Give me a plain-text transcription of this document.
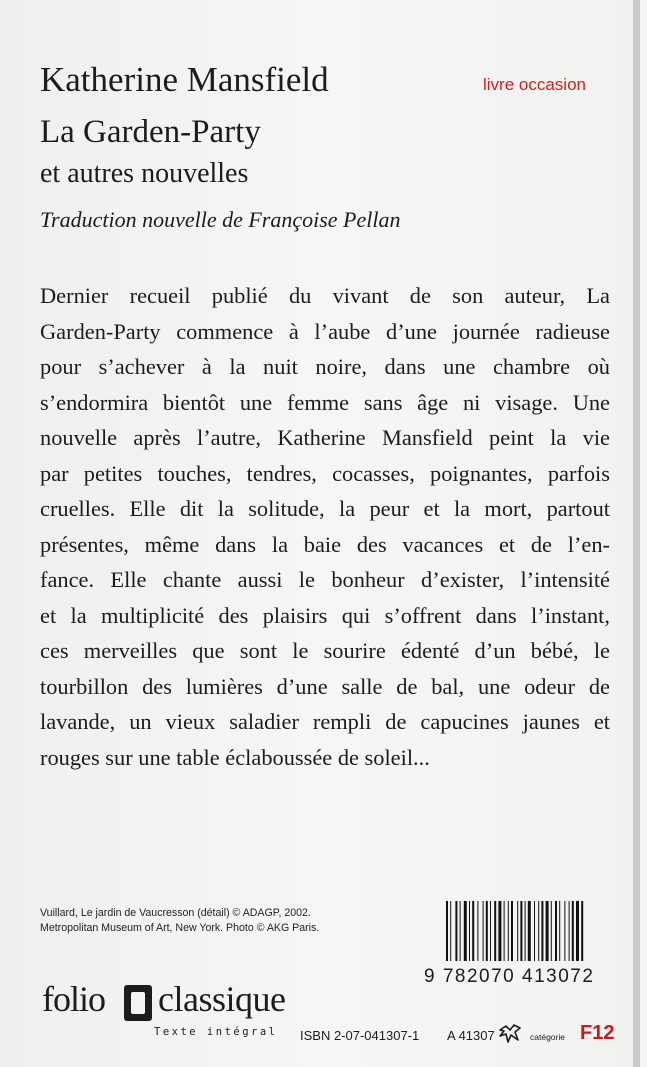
Katherine Mansfield
La Garden-Party
et autres nouvelles
Traduction nouvelle de Françoise Pellan
livre occasion
Dernier recueil publié du vivant de son auteur, La
Garden-Party commence à l’aube d’une journée radieuse
pour s’achever à la nuit noire, dans une chambre où
s’endormira bientôt une femme sans âge ni visage. Une
nouvelle après l’autre, Katherine Mansfield peint la vie
par petites touches, tendres, cocasses, poignantes, parfois
cruelles. Elle dit la solitude, la peur et la mort, partout
présentes, même dans la baie des vacances et de l’en-
fance. Elle chante aussi le bonheur d’exister, l’intensité
et la multiplicité des plaisirs qui s’offrent dans l’instant,
ces merveilles que sont le sourire édenté d’un bébé, le
tourbillon des lumières d’une salle de bal, une odeur de
lavande, un vieux saladier rempli de capucines jaunes et
rouges sur une table éclaboussée de soleil...
Vuillard, Le jardin de Vaucresson (détail) © ADAGP, 2002.
Metropolitan Museum of Art, New York. Photo © AKG Paris.
folio classique
Texte intégral
9 782070 413072
ISBN 2-07-041307-1 A 41307	catégorie F12
